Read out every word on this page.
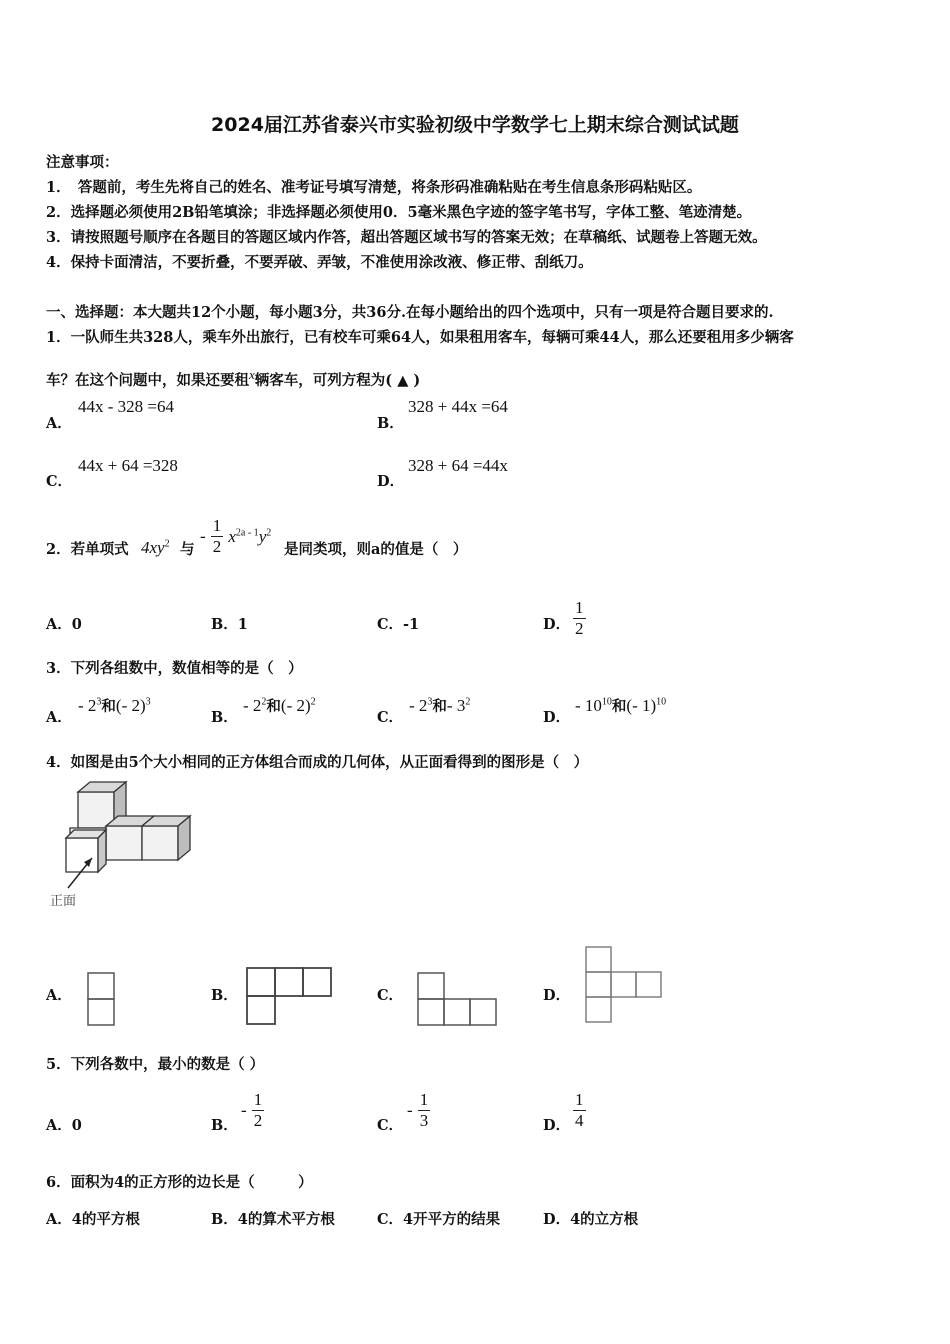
2024届江苏省泰兴市实验初级中学数学七上期末综合测试试题
注意事项：
1．　答题前，考生先将自己的姓名、准考证号填写清楚，将条形码准确粘贴在考生信息条形码粘贴区。
2．选择题必须使用2B铅笔填涂；非选择题必须使用0．5毫米黑色字迹的签字笔书写，字体工整、笔迹清楚。
3．请按照题号顺序在各题目的答题区域内作答，超出答题区域书写的答案无效；在草稿纸、试题卷上答题无效。
4．保持卡面清洁，不要折叠，不要弄破、弄皱，不准使用涂改液、修正带、刮纸刀。
一、选择题：本大题共12个小题，每小题3分，共36分.在每小题给出的四个选项中，只有一项是符合题目要求的.
1．一队师生共328人，乘车外出旅行，已有校车可乘64人，如果租用客车，每辆可乘44人，那么还要租用多少辆客
车？在这个问题中，如果还要租x辆客车，可列方程为( ▲ )
A．
44x - 328 =64
B．
328 + 44x =64
C．
44x + 64 =328
D．
328 + 64 =44x
2．若单项式 $4xy^2$ 与
- $\frac{1}{2} x^{2a - 1}y^2$
是同类项，则a的值是（　）
A．0	B．1	C．-1	D． $\frac{1}{2}$
3．下列各组数中，数值相等的是（　）
A．
- $2^3$和(- 2)$^3$
B．
- $2^2$和(- 2)$^2$
C．
- $2^3$和- $3^2$
D．
- $10^{10}$和(- 1)$^{10}$
4．如图是由5个大小相同的正方体组合而成的几何体，从正面看得到的图形是（　）
正面
A．	B．	C．	D．
5．下列各数中，最小的数是（ ）
A．0	B．
- $\frac{1}{2}$	C．
- $\frac{1}{3}$	D． $\frac{1}{4}$
6．面积为4的正方形的边长是（　　　）
A．4的平方根	B．4的算术平方根	C．4开平方的结果	D．4的立方根
